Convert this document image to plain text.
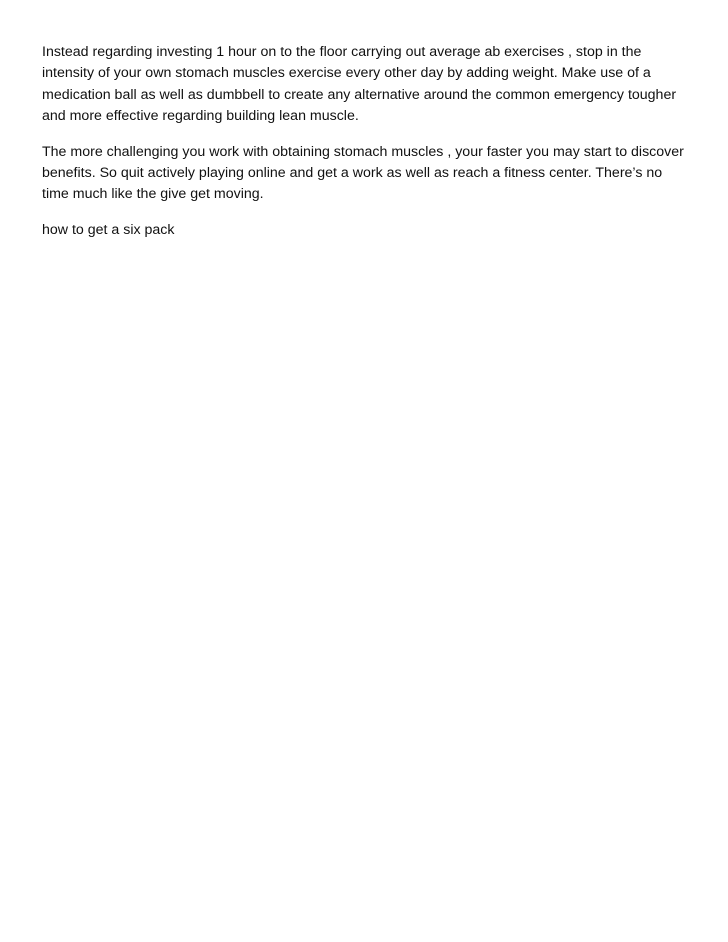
Instead regarding investing 1 hour on to the floor carrying out average ab exercises , stop in the intensity of your own stomach muscles exercise every other day by adding weight. Make use of a medication ball as well as dumbbell to create any alternative around the common emergency tougher and more effective regarding building lean muscle.

The more challenging you work with obtaining stomach muscles , your faster you may start to discover benefits. So quit actively playing online and get a work as well as reach a fitness center. There’s no time much like the give get moving.

how to get a six pack
